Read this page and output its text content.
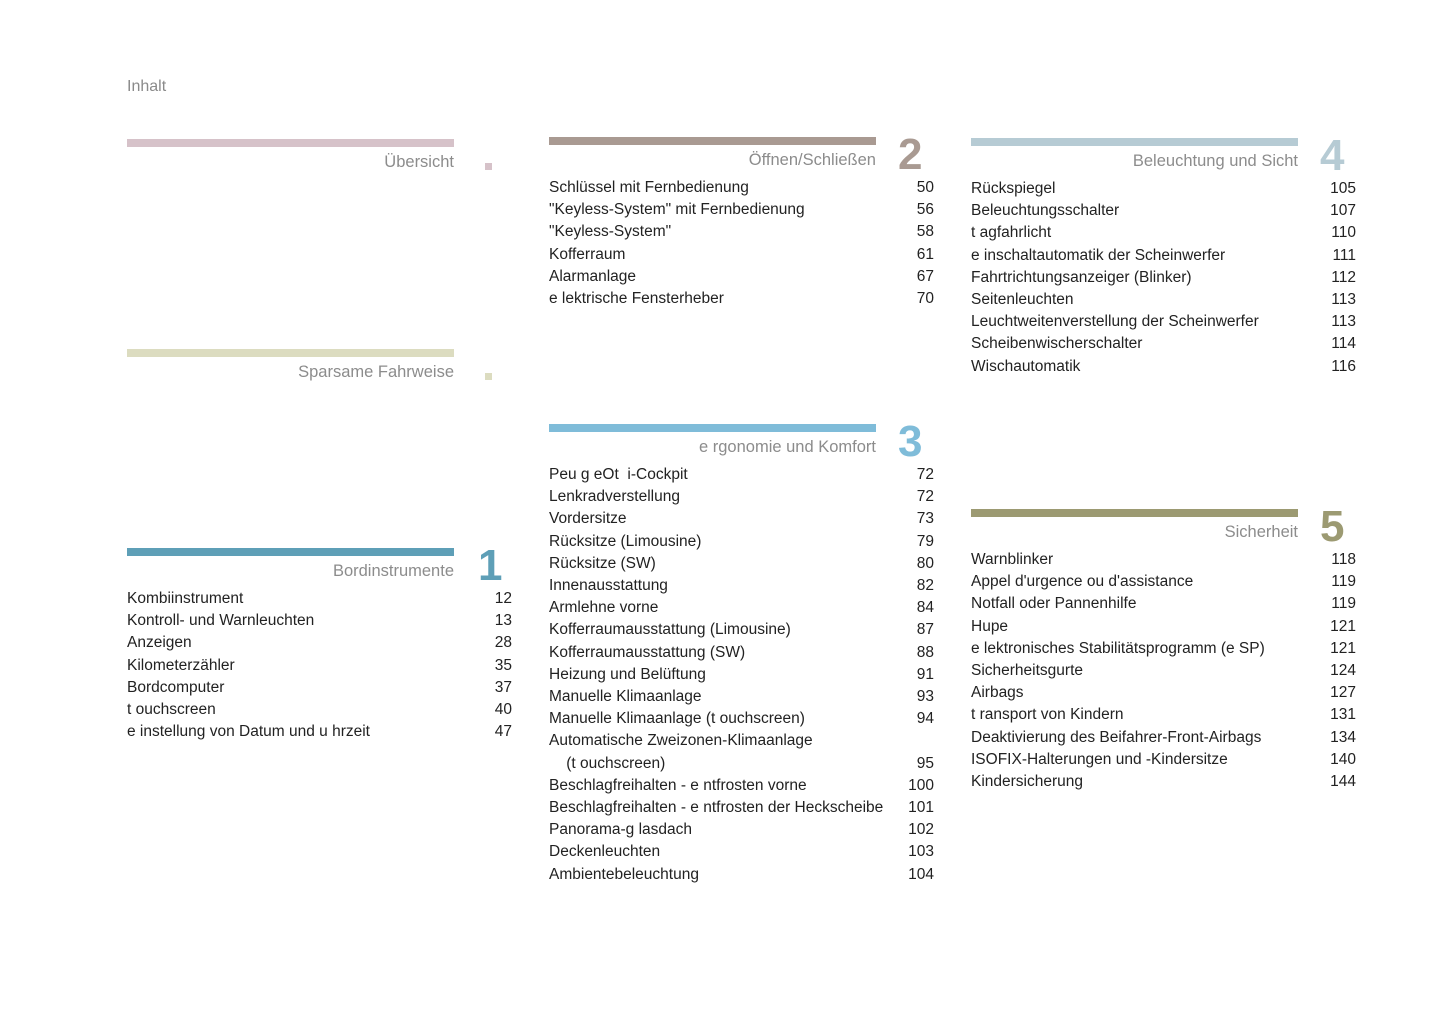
Inhalt
Übersicht
Sparsame Fahrweise
Bordinstrumente 1
Kombiinstrument	12
Kontroll- und Warnleuchten	13
Anzeigen	28
Kilometerzähler	35
Bordcomputer	37
t ouchscreen	40
e instellung von Datum und u hrzeit	47
Öffnen/Schließen 2
Schlüssel mit Fernbedienung	50
"Keyless-System" mit Fernbedienung	56
"Keyless-System"	58
Kofferraum	61
Alarmanlage	67
e lektrische Fensterheber	70
e rgonomie und Komfort 3
Peu g eOt  i-Cockpit	72
Lenkradverstellung	72
Vordersitze	73
Rücksitze (Limousine)	79
Rücksitze (SW)	80
Innenausstattung	82
Armlehne vorne	84
Kofferraumausstattung (Limousine)	87
Kofferraumausstattung (SW)	88
Heizung und Belüftung	91
Manuelle Klimaanlage	93
Manuelle Klimaanlage (t ouchscreen)	94
Automatische Zweizonen-Klimaanlage
(t ouchscreen)	95
Beschlagfreihalten - e ntfrosten vorne	100
Beschlagfreihalten - e ntfrosten der Heckscheibe 101
Panorama-g lasdach	102
Deckenleuchten	103
Ambientebeleuchtung	104
Beleuchtung und Sicht 4
Rückspiegel	105
Beleuchtungsschalter	107
t agfahrlicht	110
e inschaltautomatik der Scheinwerfer	111
Fahrtrichtungsanzeiger (Blinker)	112
Seitenleuchten	113
Leuchtweitenverstellung der Scheinwerfer	113
Scheibenwischerschalter	114
Wischautomatik	116
Sicherheit 5
Warnblinker	118
Appel d'urgence ou d'assistance	119
Notfall oder Pannenhilfe	119
Hupe	121
e lektronisches Stabilitätsprogramm (e SP)	121
Sicherheitsgurte	124
Airbags	127
t ransport von Kindern	131
Deaktivierung des Beifahrer-Front-Airbags	134
ISOFIX-Halterungen und -Kindersitze	140
Kindersicherung	144
